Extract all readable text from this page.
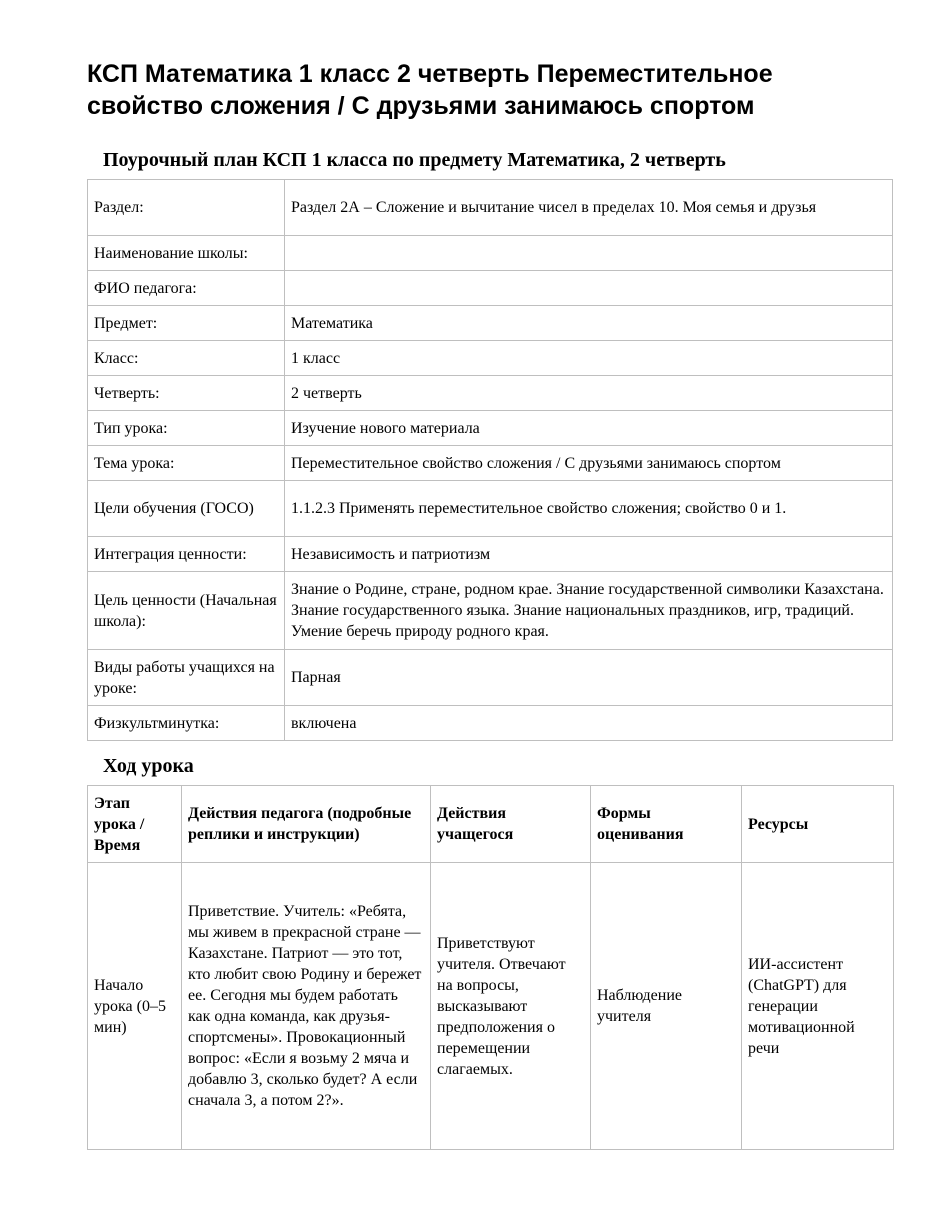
КСП Математика 1 класс 2 четверть Переместительное свойство сложения / С друзьями занимаюсь спортом
Поурочный план КСП 1 класса по предмету Математика, 2 четверть
Раздел:	Раздел 2А – Сложение и вычитание чисел в пределах 10. Моя семья и друзья
Наименование школы:	
ФИО педагога:	
Предмет:	Математика
Класс:	1 класс
Четверть:	2 четверть
Тип урока:	Изучение нового материала
Тема урока:	Переместительное свойство сложения / С друзьями занимаюсь спортом
Цели обучения (ГОСО)	1.1.2.3 Применять переместительное свойство сложения; свойство 0 и 1.
Интеграция ценности:	Независимость и патриотизм
Цель ценности (Начальная школа):	Знание о Родине, стране, родном крае. Знание государственной символики Казахстана. Знание государственного языка. Знание национальных праздников, игр, традиций. Умение беречь природу родного края.
Виды работы учащихся на уроке:	Парная
Физкультминутка:	включена
Ход урока
Этап урока / Время	Действия педагога (подробные реплики и инструкции)	Действия учащегося	Формы оценивания	Ресурсы
Начало урока (0–5 мин)	Приветствие. Учитель: «Ребята, мы живем в прекрасной стране — Казахстане. Патриот — это тот, кто любит свою Родину и бережет ее. Сегодня мы будем работать как одна команда, как друзья-спортсмены». Провокационный вопрос: «Если я возьму 2 мяча и добавлю 3, сколько будет? А если сначала 3, а потом 2?».	Приветствуют учителя. Отвечают на вопросы, высказывают предположения о перемещении слагаемых.	Наблюдение учителя	ИИ-ассистент (ChatGPT) для генерации мотивационной речи
